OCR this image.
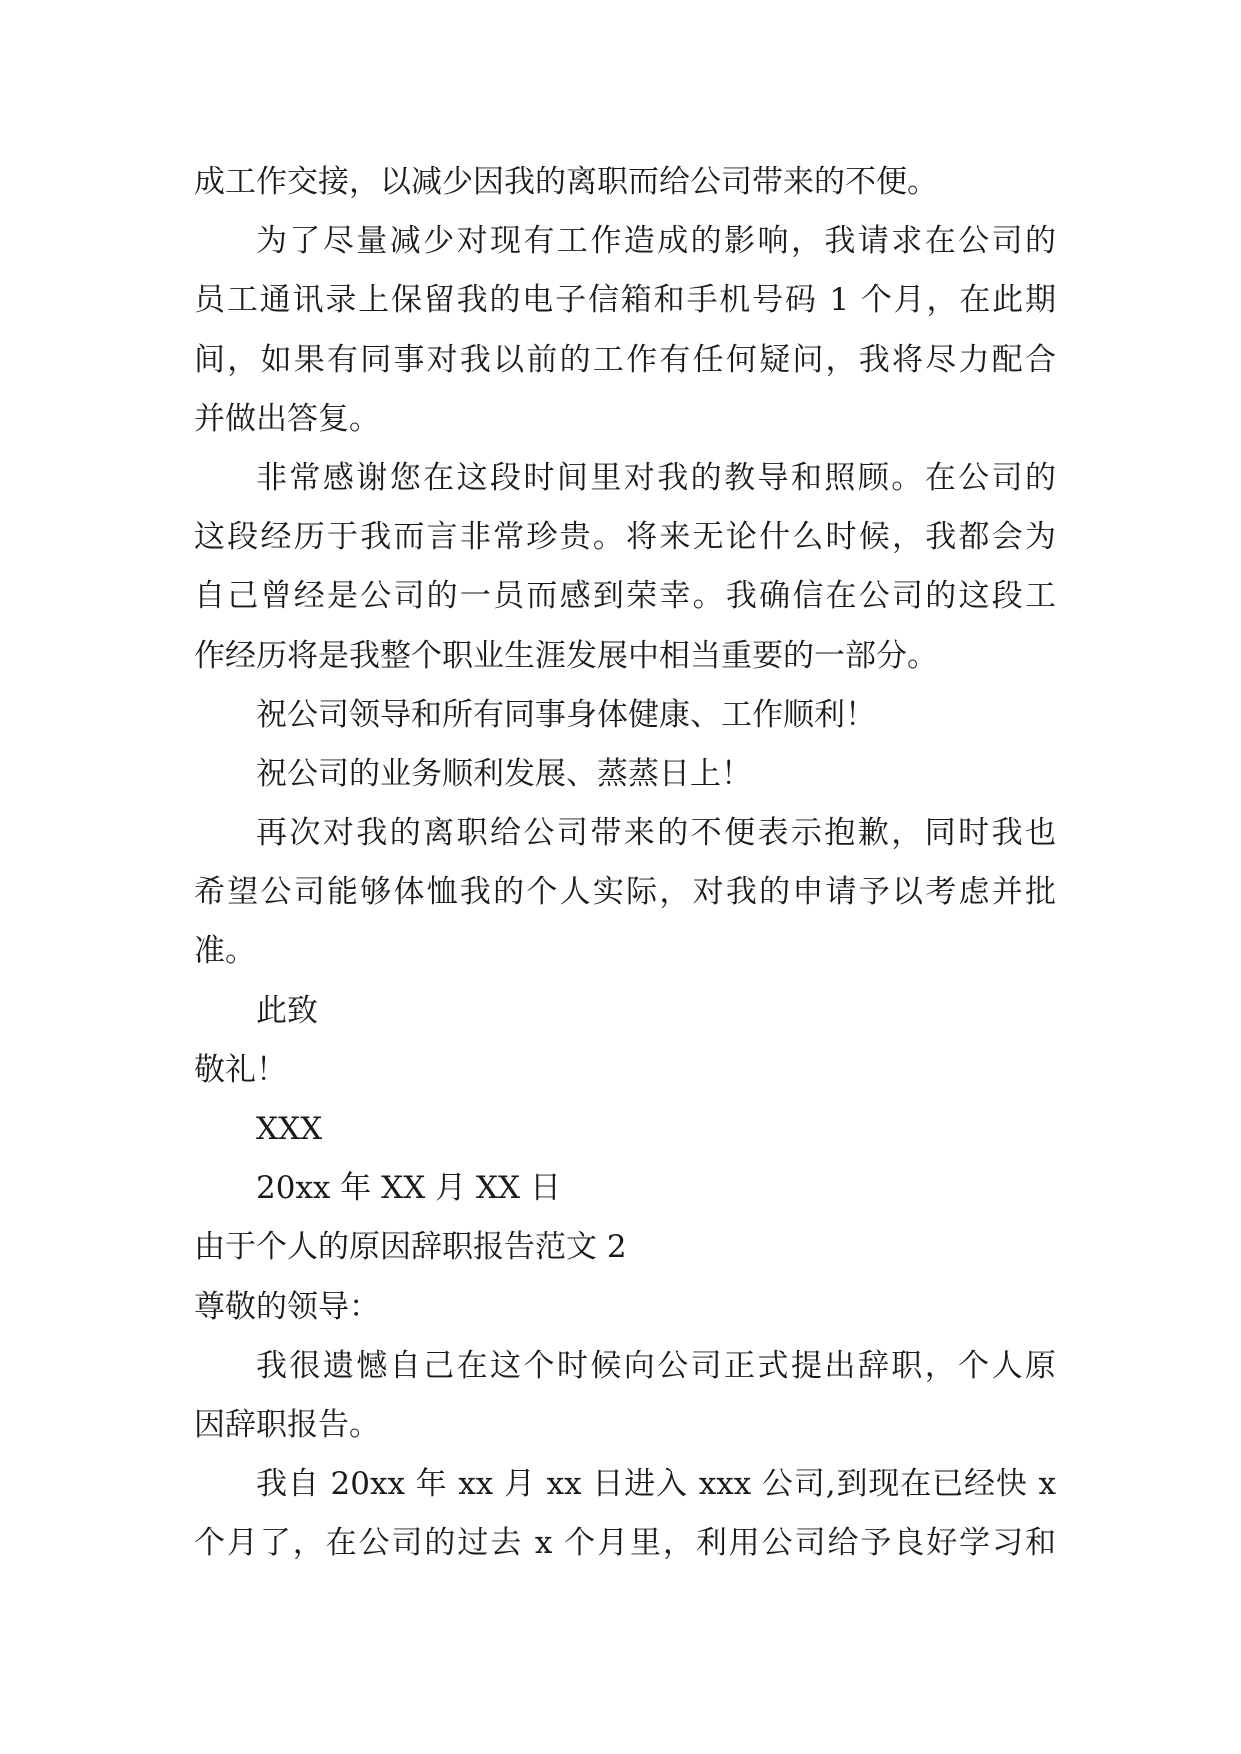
成工作交接，以减少因我的离职而给公司带来的不便。
为了尽量减少对现有工作造成的影响，我请求在公司的
员工通讯录上保留我的电子信箱和手机号码 1 个月，在此期
间，如果有同事对我以前的工作有任何疑问，我将尽力配合
并做出答复。
非常感谢您在这段时间里对我的教导和照顾。在公司的
这段经历于我而言非常珍贵。将来无论什么时候，我都会为
自己曾经是公司的一员而感到荣幸。我确信在公司的这段工
作经历将是我整个职业生涯发展中相当重要的一部分。
祝公司领导和所有同事身体健康、工作顺利！
祝公司的业务顺利发展、蒸蒸日上！
再次对我的离职给公司带来的不便表示抱歉，同时我也
希望公司能够体恤我的个人实际，对我的申请予以考虑并批
准。
此致
敬礼！
XXX
20xx 年 XX 月 XX 日
由于个人的原因辞职报告范文 2
尊敬的领导：
我很遗憾自己在这个时候向公司正式提出辞职，个人原
因辞职报告。
我自 20xx 年 xx 月 xx 日进入 xxx 公司,到现在已经快 x
个月了，在公司的过去 x 个月里，利用公司给予良好学习和
